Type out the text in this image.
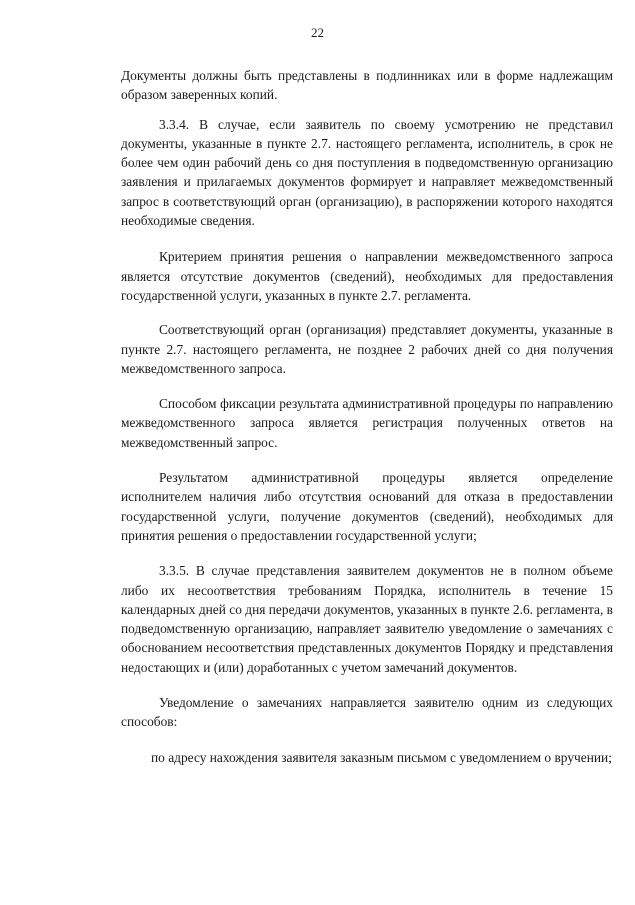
22

Документы должны быть представлены в подлинниках или в форме надлежащим образом заверенных копий.

3.3.4. В случае, если заявитель по своему усмотрению не представил документы, указанные в пункте 2.7. настоящего регламента, исполнитель, в срок не более чем один рабочий день со дня поступления в подведомственную организацию заявления и прилагаемых документов формирует и направляет межведомственный запрос в соответствующий орган (организацию), в распоряжении которого находятся необходимые сведения.

Критерием принятия решения о направлении межведомственного запроса является отсутствие документов (сведений), необходимых для предоставления государственной услуги, указанных в пункте 2.7. регламента.

Соответствующий орган (организация) представляет документы, указанные в пункте 2.7. настоящего регламента, не позднее 2 рабочих дней со дня получения межведомственного запроса.

Способом фиксации результата административной процедуры по направлению межведомственного запроса является регистрация полученных ответов на межведомственный запрос.

Результатом административной процедуры является определение исполнителем наличия либо отсутствия оснований для отказа в предоставлении государственной услуги, получение документов (сведений), необходимых для принятия решения о предоставлении государственной услуги;

3.3.5. В случае представления заявителем документов не в полном объеме либо их несоответствия требованиям Порядка, исполнитель в течение 15 календарных дней со дня передачи документов, указанных в пункте 2.6. регламента, в подведомственную организацию, направляет заявителю уведомление о замечаниях с обоснованием несоответствия представленных документов Порядку и представления недостающих и (или) доработанных с учетом замечаний документов.

Уведомление о замечаниях направляется заявителю одним из следующих способов:

по адресу нахождения заявителя заказным письмом с уведомлением о вручении;
